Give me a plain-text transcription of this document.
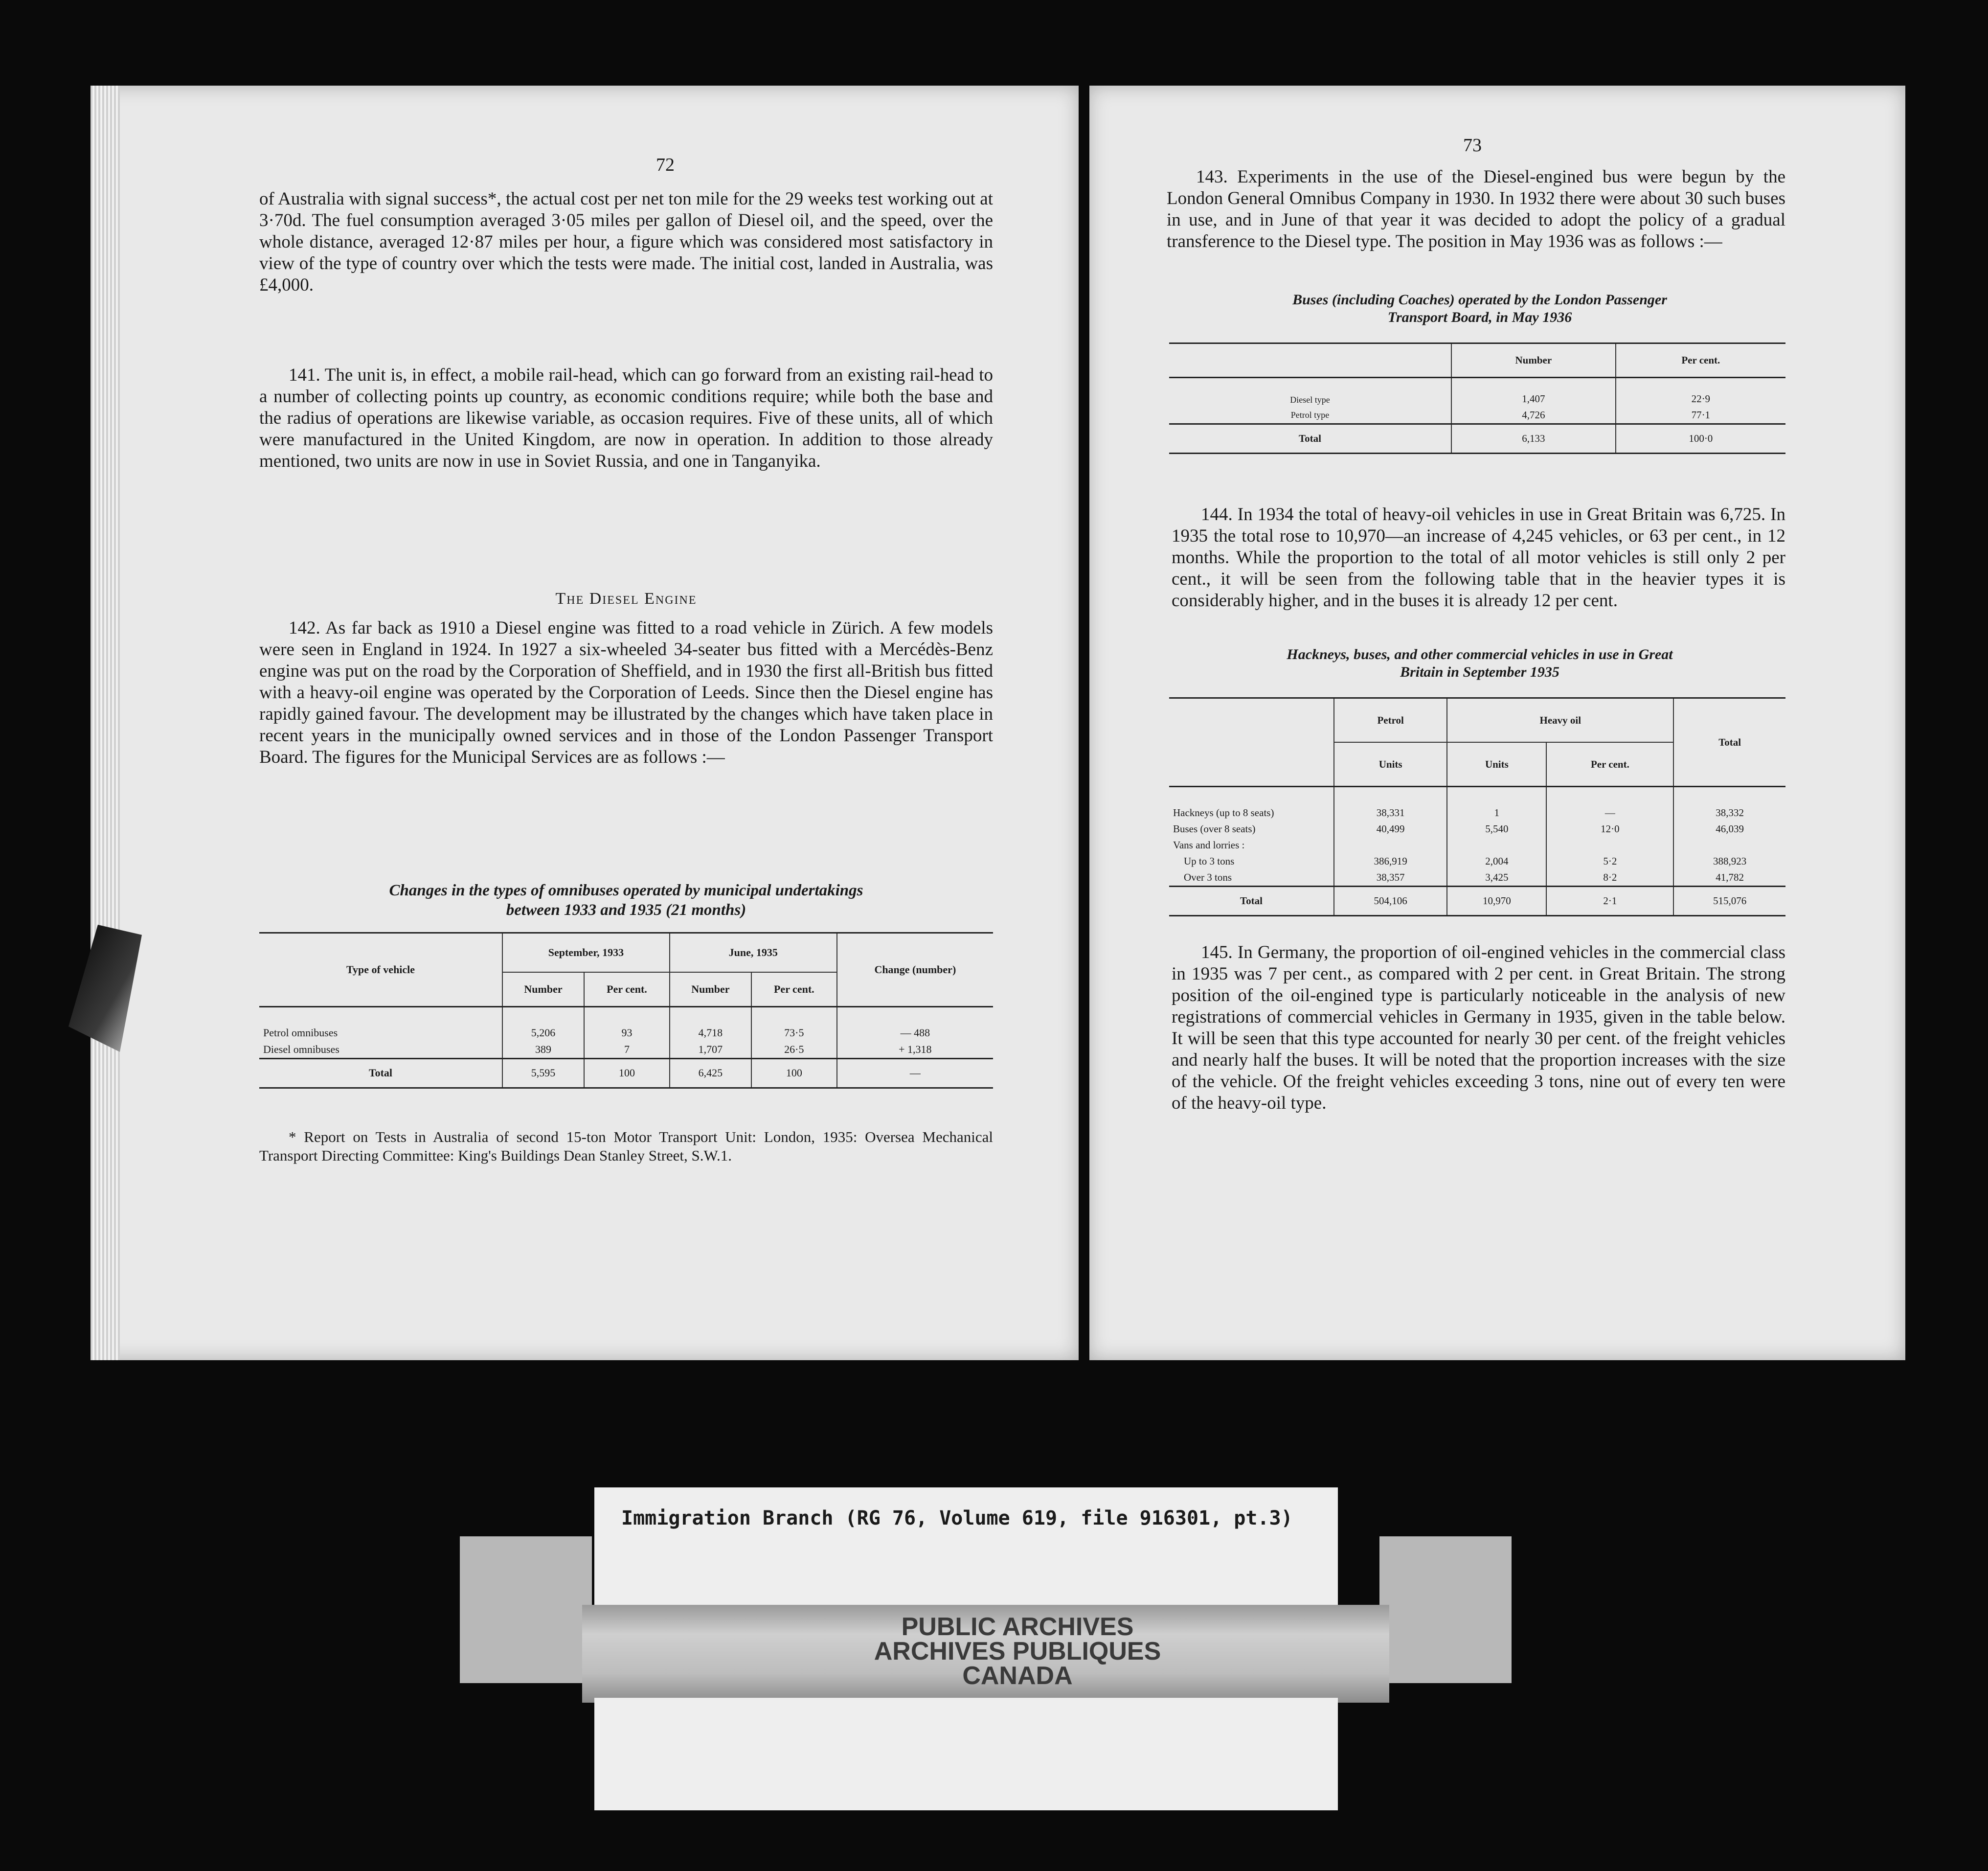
72

of Australia with signal success*, the actual cost per net ton mile for the 29 weeks test working out at 3·70d. The fuel consumption averaged 3·05 miles per gallon of Diesel oil, and the speed, over the whole distance, averaged 12·87 miles per hour, a figure which was considered most satisfactory in view of the type of country over which the tests were made. The initial cost, landed in Australia, was £4,000.

141. The unit is, in effect, a mobile rail-head, which can go forward from an existing rail-head to a number of collecting points up country, as economic conditions require; while both the base and the radius of operations are likewise variable, as occasion requires. Five of these units, all of which were manufactured in the United Kingdom, are now in operation. In addition to those already mentioned, two units are now in use in Soviet Russia, and one in Tanganyika.

The Diesel Engine

142. As far back as 1910 a Diesel engine was fitted to a road vehicle in Zürich. A few models were seen in England in 1924. In 1927 a six-wheeled 34-seater bus fitted with a Mercédès-Benz engine was put on the road by the Corporation of Sheffield, and in 1930 the first all-British bus fitted with a heavy-oil engine was operated by the Corporation of Leeds. Since then the Diesel engine has rapidly gained favour. The development may be illustrated by the changes which have taken place in recent years in the municipally owned services and in those of the London Passenger Transport Board. The figures for the Municipal Services are as follows :—

Changes in the types of omnibuses operated by municipal undertakings
between 1933 and 1935 (21 months)
Type of vehicle	September, 1933		June, 1935		Change (number)
	Number	Per cent.	Number	Per cent.	
Petrol omnibuses	5,206	93	4,718	73·5	— 488
Diesel omnibuses	389	7	1,707	26·5	+ 1,318
Total	5,595	100	6,425	100	—
* Report on Tests in Australia of second 15-ton Motor Transport Unit: London, 1935: Oversea Mechanical Transport Directing Committee: King's Buildings Dean Stanley Street, S.W.1.
73

143. Experiments in the use of the Diesel-engined bus were begun by the London General Omnibus Company in 1930. In 1932 there were about 30 such buses in use, and in June of that year it was decided to adopt the policy of a gradual transference to the Diesel type. The position in May 1936 was as follows :—

Buses (including Coaches) operated by the London Passenger
Transport Board, in May 1936
	Number	Per cent.
Diesel type	1,407	22·9
Petrol type	4,726	77·1
Total	6,133	100·0

144. In 1934 the total of heavy-oil vehicles in use in Great Britain was 6,725. In 1935 the total rose to 10,970—an increase of 4,245 vehicles, or 63 per cent., in 12 months. While the proportion to the total of all motor vehicles is still only 2 per cent., it will be seen from the following table that in the heavier types it is considerably higher, and in the buses it is already 12 per cent.

Hackneys, buses, and other commercial vehicles in use in Great
Britain in September 1935
	Petrol	Heavy oil		Total
	Units	Units	Per cent.	
Hackneys (up to 8 seats)	38,331	1	—	38,332
Buses (over 8 seats)	40,499	5,540	12·0	46,039
Vans and lorries :				
Up to 3 tons	386,919	2,004	5·2	388,923
Over 3 tons	38,357	3,425	8·2	41,782
Total	504,106	10,970	2·1	515,076

145. In Germany, the proportion of oil-engined vehicles in the commercial class in 1935 was 7 per cent., as compared with 2 per cent. in Great Britain. The strong position of the oil-engined type is particularly noticeable in the analysis of new registrations of commercial vehicles in Germany in 1935, given in the table below. It will be seen that this type accounted for nearly 30 per cent. of the freight vehicles and nearly half the buses. It will be noted that the proportion increases with the size of the vehicle. Of the freight vehicles exceeding 3 tons, nine out of every ten were of the heavy-oil type.

Immigration Branch (RG 76, Volume 619, file 916301, pt.3)
PUBLIC ARCHIVES
ARCHIVES PUBLIQUES
CANADA
